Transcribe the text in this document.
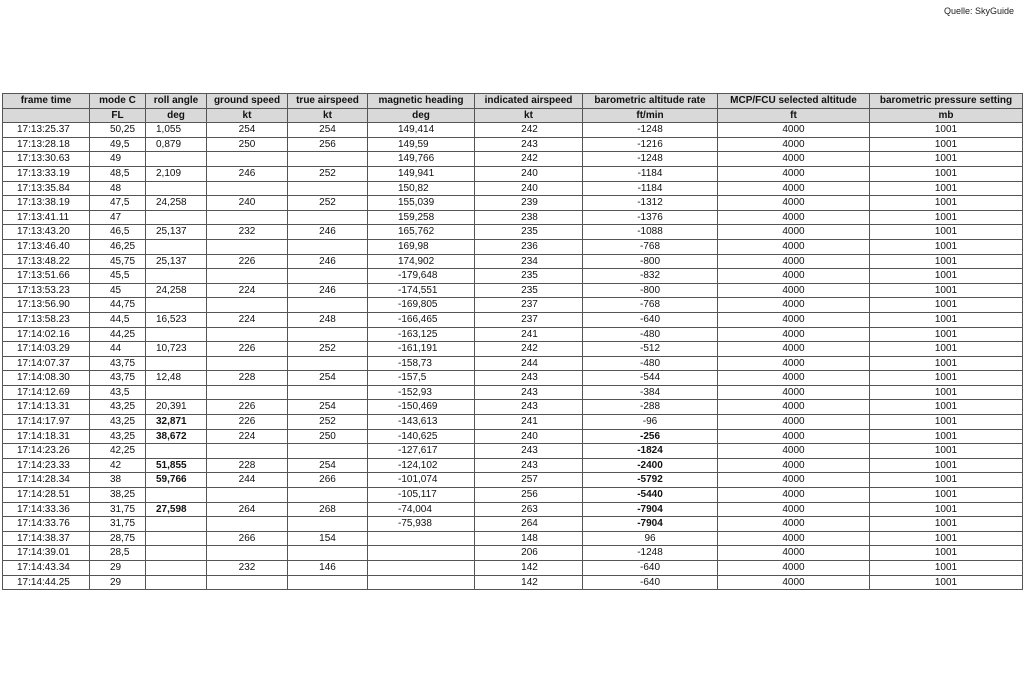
Quelle: SkyGuide
frame time	mode C	roll angle	ground speed	true airspeed	magnetic heading	indicated airspeed	barometric altitude rate	MCP/FCU selected altitude	barometric pressure setting
	FL	deg	kt	kt	deg	kt	ft/min	ft	mb
17:13:25.37	50,25	1,055	254	254	149,414	242	-1248	4000	1001
17:13:28.18	49,5	0,879	250	256	149,59	243	-1216	4000	1001
17:13:30.63	49				149,766	242	-1248	4000	1001
17:13:33.19	48,5	2,109	246	252	149,941	240	-1184	4000	1001
17:13:35.84	48				150,82	240	-1184	4000	1001
17:13:38.19	47,5	24,258	240	252	155,039	239	-1312	4000	1001
17:13:41.11	47				159,258	238	-1376	4000	1001
17:13:43.20	46,5	25,137	232	246	165,762	235	-1088	4000	1001
17:13:46.40	46,25				169,98	236	-768	4000	1001
17:13:48.22	45,75	25,137	226	246	174,902	234	-800	4000	1001
17:13:51.66	45,5				-179,648	235	-832	4000	1001
17:13:53.23	45	24,258	224	246	-174,551	235	-800	4000	1001
17:13:56.90	44,75				-169,805	237	-768	4000	1001
17:13:58.23	44,5	16,523	224	248	-166,465	237	-640	4000	1001
17:14:02.16	44,25				-163,125	241	-480	4000	1001
17:14:03.29	44	10,723	226	252	-161,191	242	-512	4000	1001
17:14:07.37	43,75				-158,73	244	-480	4000	1001
17:14:08.30	43,75	12,48	228	254	-157,5	243	-544	4000	1001
17:14:12.69	43,5				-152,93	243	-384	4000	1001
17:14:13.31	43,25	20,391	226	254	-150,469	243	-288	4000	1001
17:14:17.97	43,25	32,871	226	252	-143,613	241	-96	4000	1001
17:14:18.31	43,25	38,672	224	250	-140,625	240	-256	4000	1001
17:14:23.26	42,25				-127,617	243	-1824	4000	1001
17:14:23.33	42	51,855	228	254	-124,102	243	-2400	4000	1001
17:14:28.34	38	59,766	244	266	-101,074	257	-5792	4000	1001
17:14:28.51	38,25				-105,117	256	-5440	4000	1001
17:14:33.36	31,75	27,598	264	268	-74,004	263	-7904	4000	1001
17:14:33.76	31,75				-75,938	264	-7904	4000	1001
17:14:38.37	28,75		266	154		148	96	4000	1001
17:14:39.01	28,5					206	-1248	4000	1001
17:14:43.34	29		232	146		142	-640	4000	1001
17:14:44.25	29					142	-640	4000	1001
